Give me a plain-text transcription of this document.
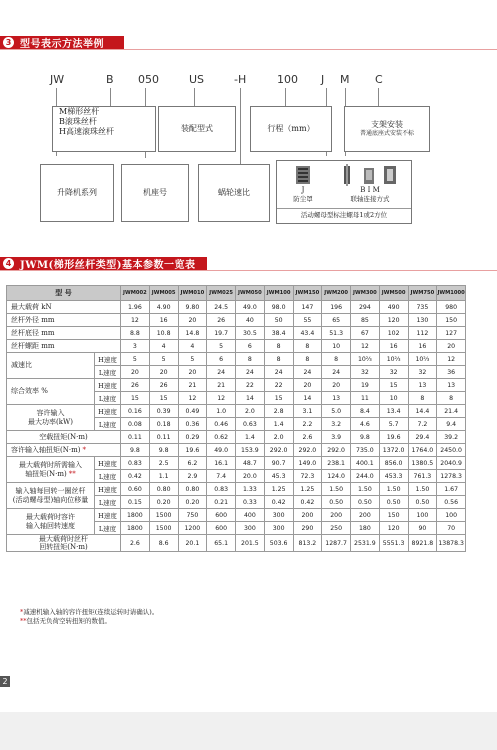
3 型号表示方法举例
JW	B 050	US	-H	100 J M C
M梯形丝杆
B滚珠丝杆
H高速滚珠丝杆	装配型式	行程（mm）	支架安装
普通底座式安装不标
升降机系列	机座号	蜗轮速比	J
防尘罩
B I M
联轴连接方式
活动螺母型标注螺母1或2方位
4 JWM(梯形丝杆类型)基本参数一览表
型 号		JWM002	JWM005	JWM010	JWM025	JWM050	JWM100	JWM150	JWM200	JWM300	JWM500	JWM750	JWM1000
最大载荷 kN		1.96	4.90	9.80	24.5	49.0	98.0	147	196	294	490	735	980
丝杆外径 mm		12	16	20	26	40	50	55	65	85	120	130	150
丝杆底径 mm		8.8	10.8	14.8	19.7	30.5	38.4	43.4	51.3	67	102	112	127
丝杆螺距 mm		3	4	4	5	6	8	8	10	12	16	16	20
减速比	H速度	5	5	5	6	8	8	8	8	10⅔	10⅔	10⅔	12
	L速度	20	20	20	24	24	24	24	24	32	32	32	36
综合效率 %	H速度	26	26	21	21	22	22	20	20	19	15	13	13
	L速度	15	15	12	12	14	15	14	13	11	10	8	8
容许输入
最大功率(kW)	H速度	0.16	0.39	0.49	1.0	2.0	2.8	3.1	5.0	8.4	13.4	14.4	21.4
	L速度	0.08	0.18	0.36	0.46	0.63	1.4	2.2	3.2	4.6	5.7	7.2	9.4
空载扭矩(N·m)		0.11	0.11	0.29	0.62	1.4	2.0	2.6	3.9	9.8	19.6	29.4	39.2
容许输入轴扭矩(N·m) *		9.8	9.8	19.6	49.0	153.9	292.0	292.0	292.0	735.0	1372.0	1764.0	2450.0
最大载荷时所需输入
轴扭矩(N·m) **	H速度	0.83	2.5	6.2	16.1	48.7	90.7	149.0	238.1	400.1	856.0	1380.5	2040.9
	L速度	0.42	1.1	2.9	7.4	20.0	45.3	72.3	124.0	244.0	453.3	761.3	1278.3
输入轴每回转一圈丝杆
(活动螺母型)轴向位移量	H速度	0.60	0.80	0.80	0.83	1.33	1.25	1.25	1.50	1.50	1.50	1.50	1.67
	L速度	0.15	0.20	0.20	0.21	0.33	0.42	0.42	0.50	0.50	0.50	0.50	0.56
最大载荷时容许
输入轴回转速度	H速度	1800	1500	750	600	400	300	200	200	200	150	100	100
	L速度	1800	1500	1200	600	300	300	290	250	180	120	90	70
最大载荷时丝杆
回转扭矩(N·m)		2.6	8.6	20.1	65.1	201.5	503.6	813.2	1287.7	2531.9	5551.3	8921.8	13878.3
*减速机输入轴的容许扭矩(连续运转时请确认)。
**包括无负荷空转扭矩的数值。
2
